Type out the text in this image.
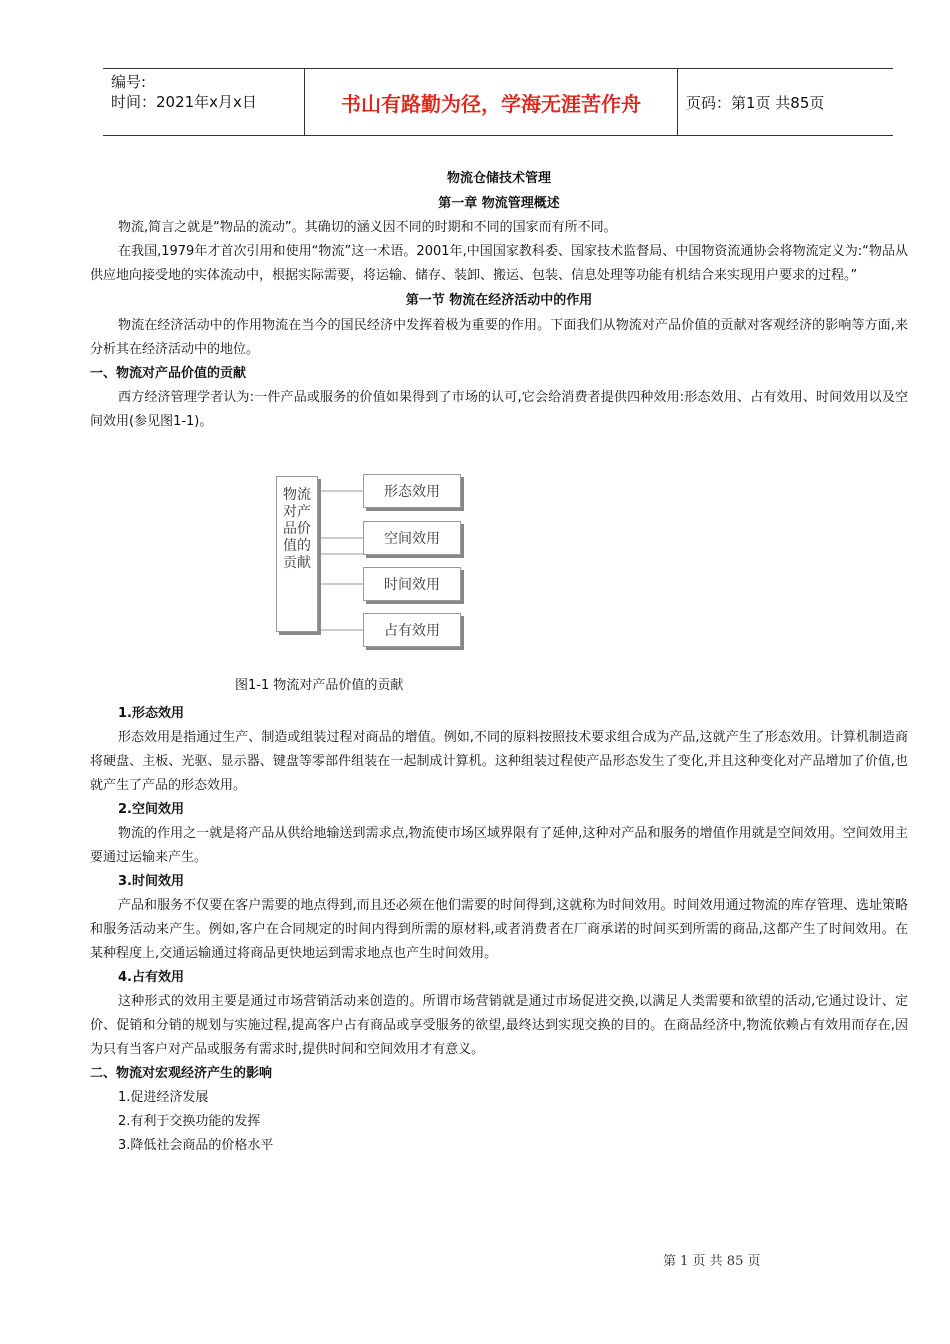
编号:
时间：2021年x月x日	书山有路勤为径，学海无涯苦作舟	页码：第1页 共85页
物流仓储技术管理
第一章 物流管理概述

物流,简言之就是“物品的流动”。其确切的涵义因不同的时期和不同的国家而有所不同。

在我国,1979年才首次引用和使用“物流”这一术语。2001年,中国国家教科委、国家技术监督局、中国物资流通协会将物流定义为:“物品从供应地向接受地的实体流动中，根据实际需要，将运输、储存、装卸、搬运、包装、信息处理等功能有机结合来实现用户要求的过程。”

第一节 物流在经济活动中的作用

物流在经济活动中的作用物流在当今的国民经济中发挥着极为重要的作用。下面我们从物流对产品价值的贡献对客观经济的影响等方面,来分析其在经济活动中的地位。

一、物流对产品价值的贡献

西方经济管理学者认为:一件产品或服务的价值如果得到了市场的认可,它会给消费者提供四种效用:形态效用、占有效用、时间效用以及空间效用(参见图1-1)。

物流对产品价值的贡献
形态效用
空间效用
时间效用
占有效用
图1-1 物流对产品价值的贡献
1.形态效用

形态效用是指通过生产、制造或组装过程对商品的增值。例如,不同的原料按照技术要求组合成为产品,这就产生了形态效用。计算机制造商将硬盘、主板、光驱、显示器、键盘等零部件组装在一起制成计算机。这种组装过程使产品形态发生了变化,并且这种变化对产品增加了价值,也就产生了产品的形态效用。

2.空间效用

物流的作用之一就是将产品从供给地输送到需求点,物流使市场区域界限有了延伸,这种对产品和服务的增值作用就是空间效用。空间效用主要通过运输来产生。

3.时间效用

产品和服务不仅要在客户需要的地点得到,而且还必须在他们需要的时间得到,这就称为时间效用。时间效用通过物流的库存管理、选址策略和服务活动来产生。例如,客户在合同规定的时间内得到所需的原材料,或者消费者在厂商承诺的时间买到所需的商品,这都产生了时间效用。在某种程度上,交通运输通过将商品更快地运到需求地点也产生时间效用。

4.占有效用

这种形式的效用主要是通过市场营销活动来创造的。所谓市场营销就是通过市场促进交换,以满足人类需要和欲望的活动,它通过设计、定价、促销和分销的规划与实施过程,提高客户占有商品或享受服务的欲望,最终达到实现交换的目的。在商品经济中,物流依赖占有效用而存在,因为只有当客户对产品或服务有需求时,提供时间和空间效用才有意义。

二、物流对宏观经济产生的影响
1.促进经济发展
2.有利于交换功能的发挥
3.降低社会商品的价格水平
第 1 页 共 85 页
